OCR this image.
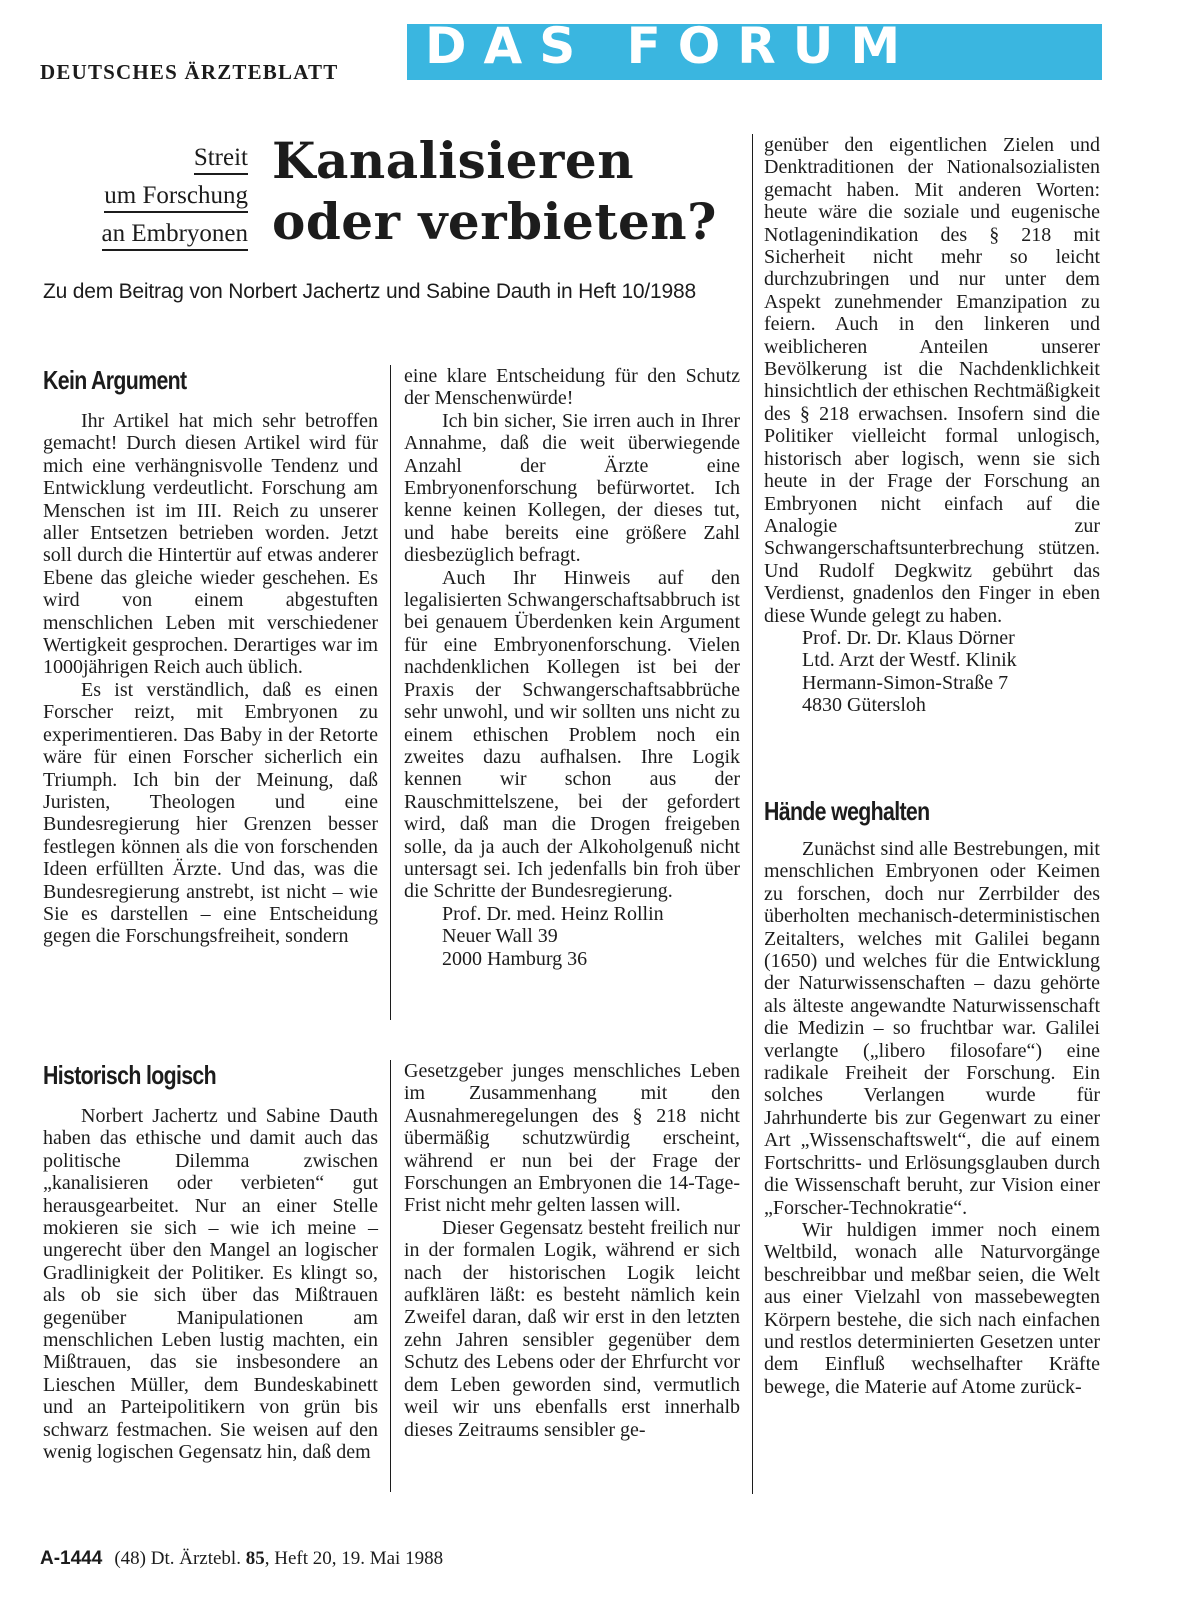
DEUTSCHES ÄRZTEBLATT DAS FORUM
Streit
um Forschung
an Embryonen
Kanalisieren
oder verbieten?
Zu dem Beitrag von Norbert Jachertz und Sabine Dauth in Heft 10/1988
Kein Argument

Ihr Artikel hat mich sehr betroffen gemacht! Durch diesen Artikel wird für mich eine verhängnisvolle Tendenz und Entwicklung verdeutlicht. Forschung am Menschen ist im III. Reich zu unserer aller Entsetzen betrieben worden. Jetzt soll durch die Hintertür auf etwas anderer Ebene das gleiche wieder geschehen. Es wird von einem abgestuften menschlichen Leben mit verschiedener Wertigkeit gesprochen. Derartiges war im 1000jährigen Reich auch üblich.

Es ist verständlich, daß es einen Forscher reizt, mit Embryonen zu experimentieren. Das Baby in der Retorte wäre für einen Forscher sicherlich ein Triumph. Ich bin der Meinung, daß Juristen, Theologen und eine Bundesregierung hier Grenzen besser festlegen können als die von forschenden Ideen erfüllten Ärzte. Und das, was die Bundesregierung anstrebt, ist nicht – wie Sie es darstellen – eine Entscheidung gegen die Forschungsfreiheit, sondern

eine klare Entscheidung für den Schutz der Menschenwürde!

Ich bin sicher, Sie irren auch in Ihrer Annahme, daß die weit überwiegende Anzahl der Ärzte eine Embryonenforschung befürwortet. Ich kenne keinen Kollegen, der dieses tut, und habe bereits eine größere Zahl diesbezüglich befragt.

Auch Ihr Hinweis auf den legalisierten Schwangerschaftsabbruch ist bei genauem Überdenken kein Argument für eine Embryonenforschung. Vielen nachdenklichen Kollegen ist bei der Praxis der Schwangerschaftsabbrüche sehr unwohl, und wir sollten uns nicht zu einem ethischen Problem noch ein zweites dazu aufhalsen. Ihre Logik kennen wir schon aus der Rauschmittelszene, bei der gefordert wird, daß man die Drogen freigeben solle, da ja auch der Alkoholgenuß nicht untersagt sei. Ich jedenfalls bin froh über die Schritte der Bundesregierung.

Prof. Dr. med. Heinz Rollin
Neuer Wall 39
2000 Hamburg 36
Historisch logisch

Norbert Jachertz und Sabine Dauth haben das ethische und damit auch das politische Dilemma zwischen „kanalisieren oder verbieten“ gut herausgearbeitet. Nur an einer Stelle mokieren sie sich – wie ich meine – ungerecht über den Mangel an logischer Gradlinigkeit der Politiker. Es klingt so, als ob sie sich über das Mißtrauen gegenüber Manipulationen am menschlichen Leben lustig machten, ein Mißtrauen, das sie insbesondere an Lieschen Müller, dem Bundeskabinett und an Parteipolitikern von grün bis schwarz festmachen. Sie weisen auf den wenig logischen Gegensatz hin, daß dem

Gesetzgeber junges menschliches Leben im Zusammenhang mit den Ausnahmeregelungen des § 218 nicht übermäßig schutzwürdig erscheint, während er nun bei der Frage der Forschungen an Embryonen die 14-Tage-Frist nicht mehr gelten lassen will.

Dieser Gegensatz besteht freilich nur in der formalen Logik, während er sich nach der historischen Logik leicht aufklären läßt: es besteht nämlich kein Zweifel daran, daß wir erst in den letzten zehn Jahren sensibler gegenüber dem Schutz des Lebens oder der Ehrfurcht vor dem Leben geworden sind, vermutlich weil wir uns ebenfalls erst innerhalb dieses Zeitraums sensibler ge-

genüber den eigentlichen Zielen und Denktraditionen der Nationalsozialisten gemacht haben. Mit anderen Worten: heute wäre die soziale und eugenische Notlagenindikation des § 218 mit Sicherheit nicht mehr so leicht durchzubringen und nur unter dem Aspekt zunehmender Emanzipation zu feiern. Auch in den linkeren und weiblicheren Anteilen unserer Bevölkerung ist die Nachdenklichkeit hinsichtlich der ethischen Rechtmäßigkeit des § 218 erwachsen. Insofern sind die Politiker vielleicht formal unlogisch, historisch aber logisch, wenn sie sich heute in der Frage der Forschung an Embryonen nicht einfach auf die Analogie zur Schwangerschaftsunterbrechung stützen. Und Rudolf Degkwitz gebührt das Verdienst, gnadenlos den Finger in eben diese Wunde gelegt zu haben.

Prof. Dr. Dr. Klaus Dörner
Ltd. Arzt der Westf. Klinik
Hermann-Simon-Straße 7
4830 Gütersloh
Hände weghalten

Zunächst sind alle Bestrebungen, mit menschlichen Embryonen oder Keimen zu forschen, doch nur Zerrbilder des überholten mechanisch-deterministischen Zeitalters, welches mit Galilei begann (1650) und welches für die Entwicklung der Naturwissenschaften – dazu gehörte als älteste angewandte Naturwissenschaft die Medizin – so fruchtbar war. Galilei verlangte („libero filosofare“) eine radikale Freiheit der Forschung. Ein solches Verlangen wurde für Jahrhunderte bis zur Gegenwart zu einer Art „Wissenschaftswelt“, die auf einem Fortschritts- und Erlösungsglauben durch die Wissenschaft beruht, zur Vision einer „Forscher-Technokratie“.

Wir huldigen immer noch einem Weltbild, wonach alle Naturvorgänge beschreibbar und meßbar seien, die Welt aus einer Vielzahl von massebewegten Körpern bestehe, die sich nach einfachen und restlos determinierten Gesetzen unter dem Einfluß wechselhafter Kräfte bewege, die Materie auf Atome zurück-

A-1444 (48) Dt. Ärztebl. 85, Heft 20, 19. Mai 1988
